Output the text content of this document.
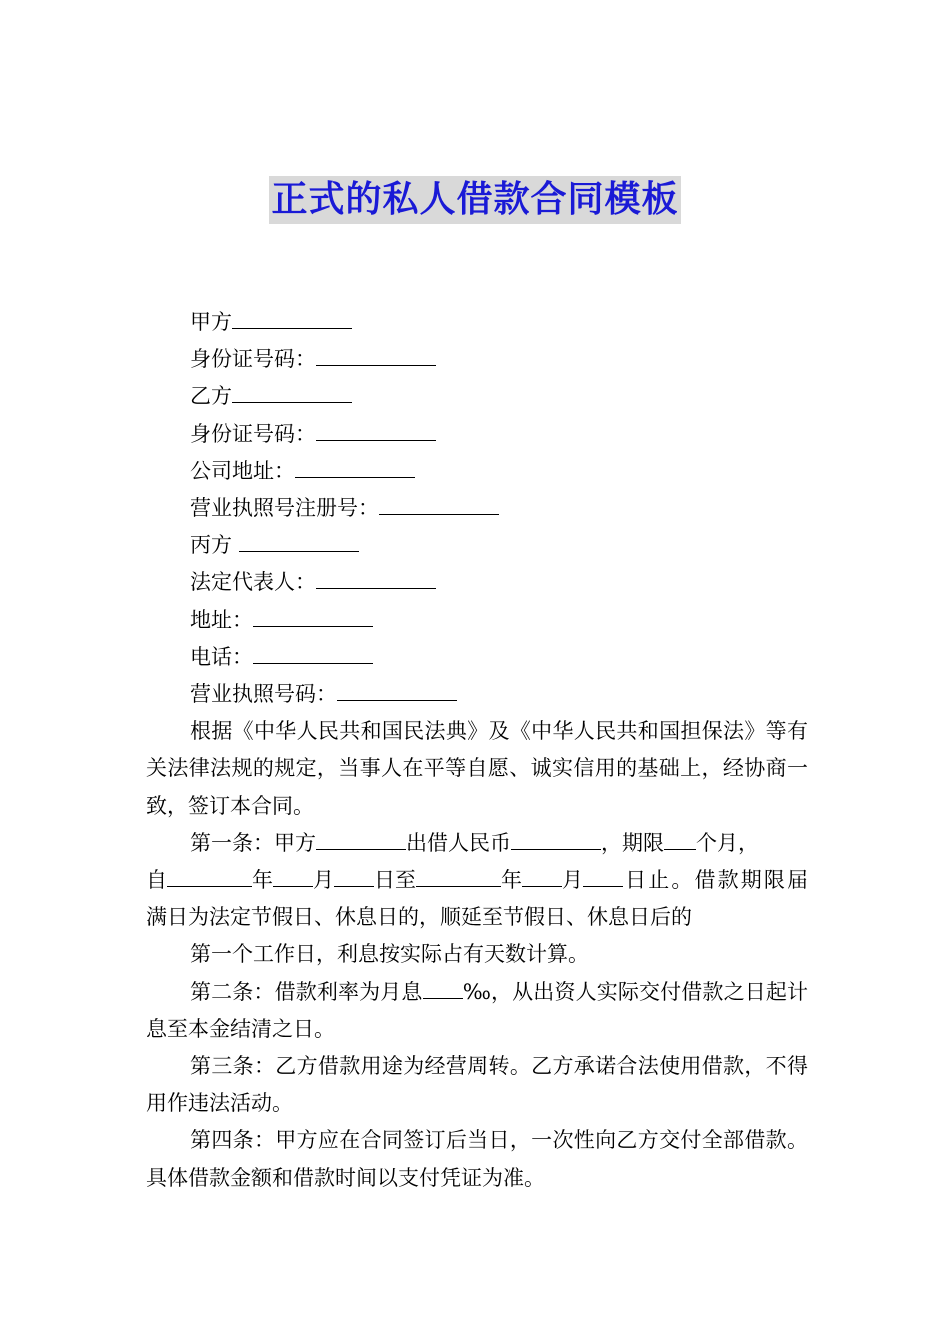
正式的私人借款合同模板
甲方
身份证号码：
乙方
身份证号码：
公司地址：
营业执照号注册号：
丙方
法定代表人：
地址：
电话：
营业执照号码：

根据《中华人民共和国民法典》及《中华人民共和国担保法》等有关法律法规的规定，当事人在平等自愿、诚实信用的基础上，经协商一致，签订本合同。

第一条：甲方	出借人民币	，期限 个月，
自	年 月 日至	年 月 日止。借款期限届满日为法定节假日、休息日的，顺延至节假日、休息日后的

第一个工作日，利息按实际占有天数计算。

第二条：借款利率为月息 ‰，从出资人实际交付借款之日起计息至本金结清之日。

第三条：乙方借款用途为经营周转。乙方承诺合法使用借款，不得用作违法活动。

第四条：甲方应在合同签订后当日，一次性向乙方交付全部借款。具体借款金额和借款时间以支付凭证为准。
